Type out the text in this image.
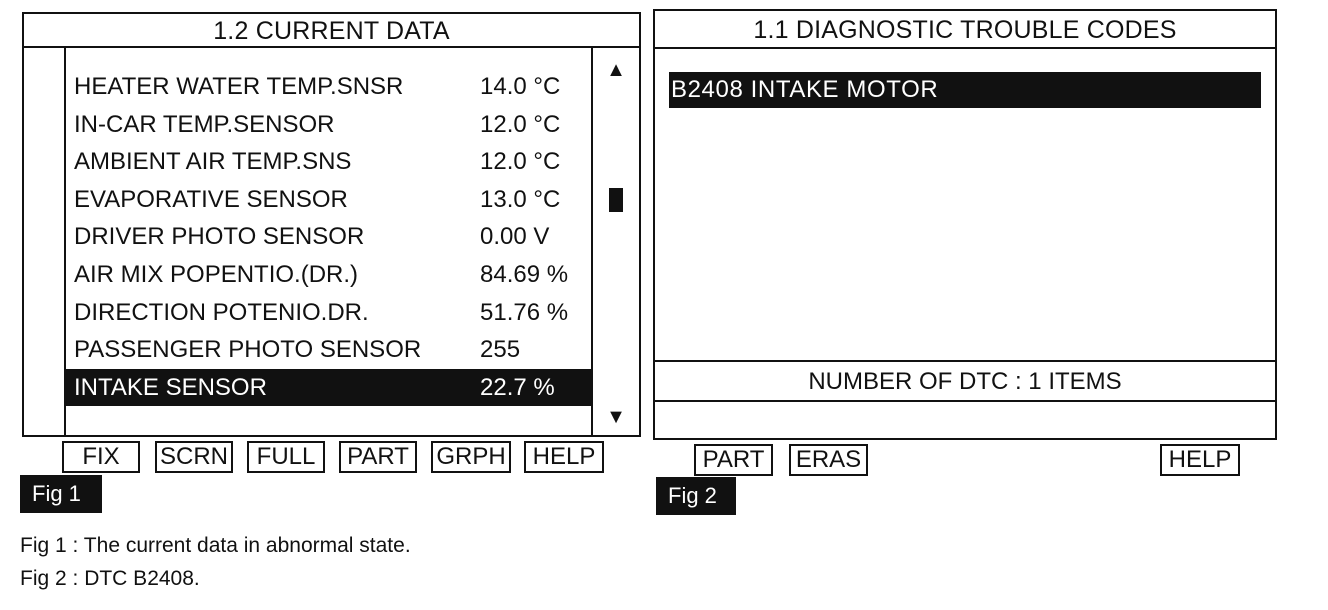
1.2 CURRENT DATA
HEATER WATER TEMP.SNSR	14.0 °C
IN-CAR TEMP.SENSOR	12.0 °C
AMBIENT AIR TEMP.SNS	12.0 °C
EVAPORATIVE SENSOR	13.0 °C
DRIVER PHOTO SENSOR	0.00 V
AIR MIX POPENTIO.(DR.)	84.69 %
DIRECTION POTENIO.DR.	51.76 %
PASSENGER PHOTO SENSOR 255
INTAKE SENSOR	22.7 %
▲
▼
FIX	SCRN	FULL	PART	GRPH	HELP
Fig 1
1.1 DIAGNOSTIC TROUBLE CODES
B2408 INTAKE MOTOR
NUMBER OF DTC : 1 ITEMS
PART	ERAS	HELP
Fig 2
Fig 1 : The current data in abnormal state.
Fig 2 : DTC B2408.
